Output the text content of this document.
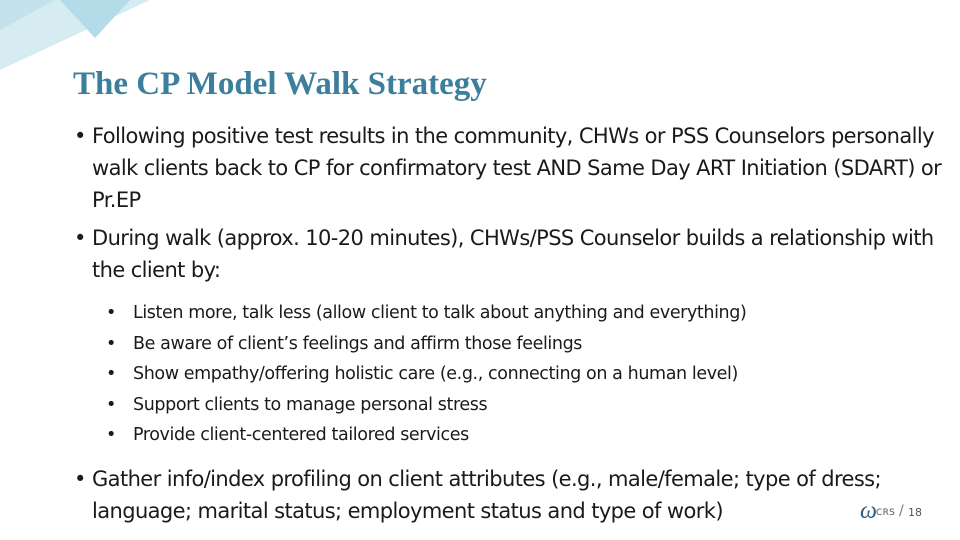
The CP Model Walk Strategy
• Following positive test results in the community, CHWs or PSS Counselors personally walk clients back to CP for confirmatory test AND Same Day ART Initiation (SDART) or Pr.EP
• During walk (approx. 10-20 minutes), CHWs/PSS Counselor builds a relationship with the client by:
• Listen more, talk less (allow client to talk about anything and everything)
• Be aware of client’s feelings and affirm those feelings
• Show empathy/offering holistic care (e.g., connecting on a human level)
• Support clients to manage personal stress
• Provide client-centered tailored services
• Gather info/index profiling on client attributes (e.g., male/female; type of dress; language; marital status; employment status and type of work)	ω CRS / 18
